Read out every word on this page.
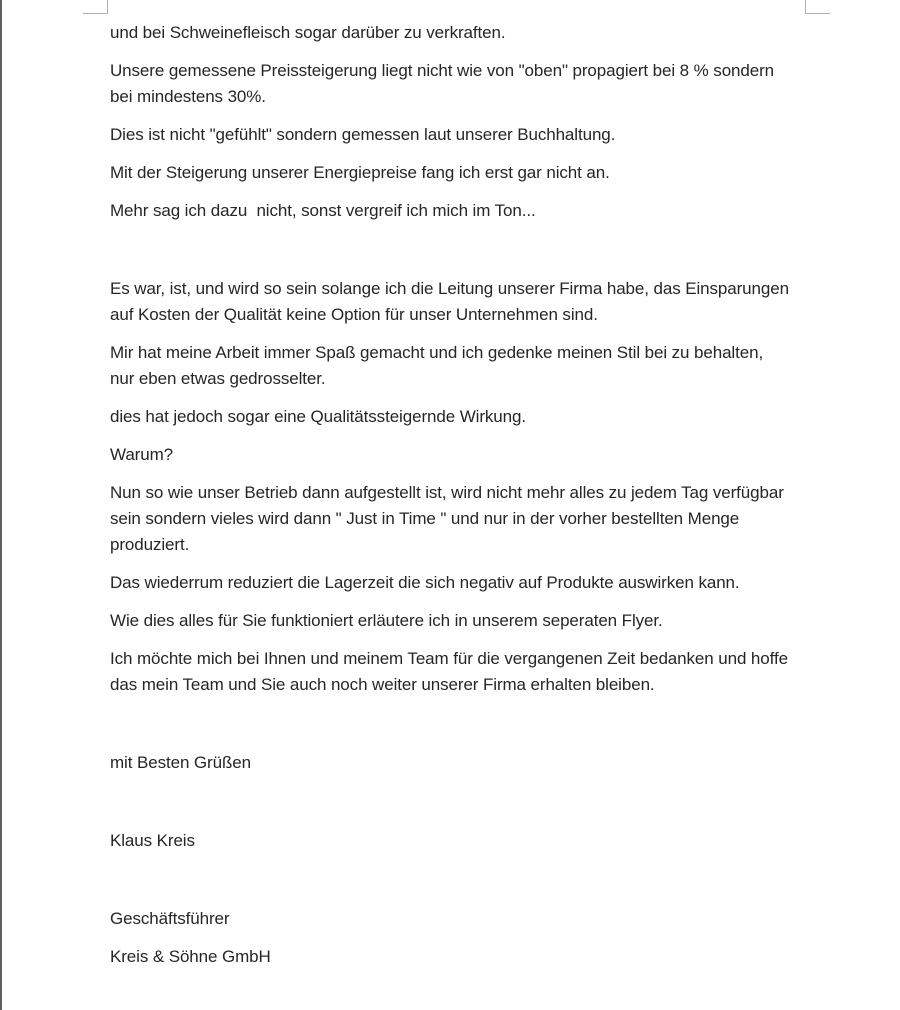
und bei Schweinefleisch sogar darüber zu verkraften.

Unsere gemessene Preissteigerung liegt nicht wie von "oben" propagiert bei 8 % sondern bei mindestens 30%.

Dies ist nicht "gefühlt" sondern gemessen laut unserer Buchhaltung.

Mit der Steigerung unserer Energiepreise fang ich erst gar nicht an.

Mehr sag ich dazu  nicht, sonst vergreif ich mich im Ton...

Es war, ist, und wird so sein solange ich die Leitung unserer Firma habe, das Einsparungen auf Kosten der Qualität keine Option für unser Unternehmen sind.

Mir hat meine Arbeit immer Spaß gemacht und ich gedenke meinen Stil bei zu behalten, nur eben etwas gedrosselter.

dies hat jedoch sogar eine Qualitätssteigernde Wirkung.

Warum?

Nun so wie unser Betrieb dann aufgestellt ist, wird nicht mehr alles zu jedem Tag verfügbar sein sondern vieles wird dann " Just in Time " und nur in der vorher bestellten Menge produziert.

Das wiederrum reduziert die Lagerzeit die sich negativ auf Produkte auswirken kann.

Wie dies alles für Sie funktioniert erläutere ich in unserem seperaten Flyer.

Ich möchte mich bei Ihnen und meinem Team für die vergangenen Zeit bedanken und hoffe das mein Team und Sie auch noch weiter unserer Firma erhalten bleiben.

mit Besten Grüßen

Klaus Kreis

Geschäftsführer

Kreis & Söhne GmbH
